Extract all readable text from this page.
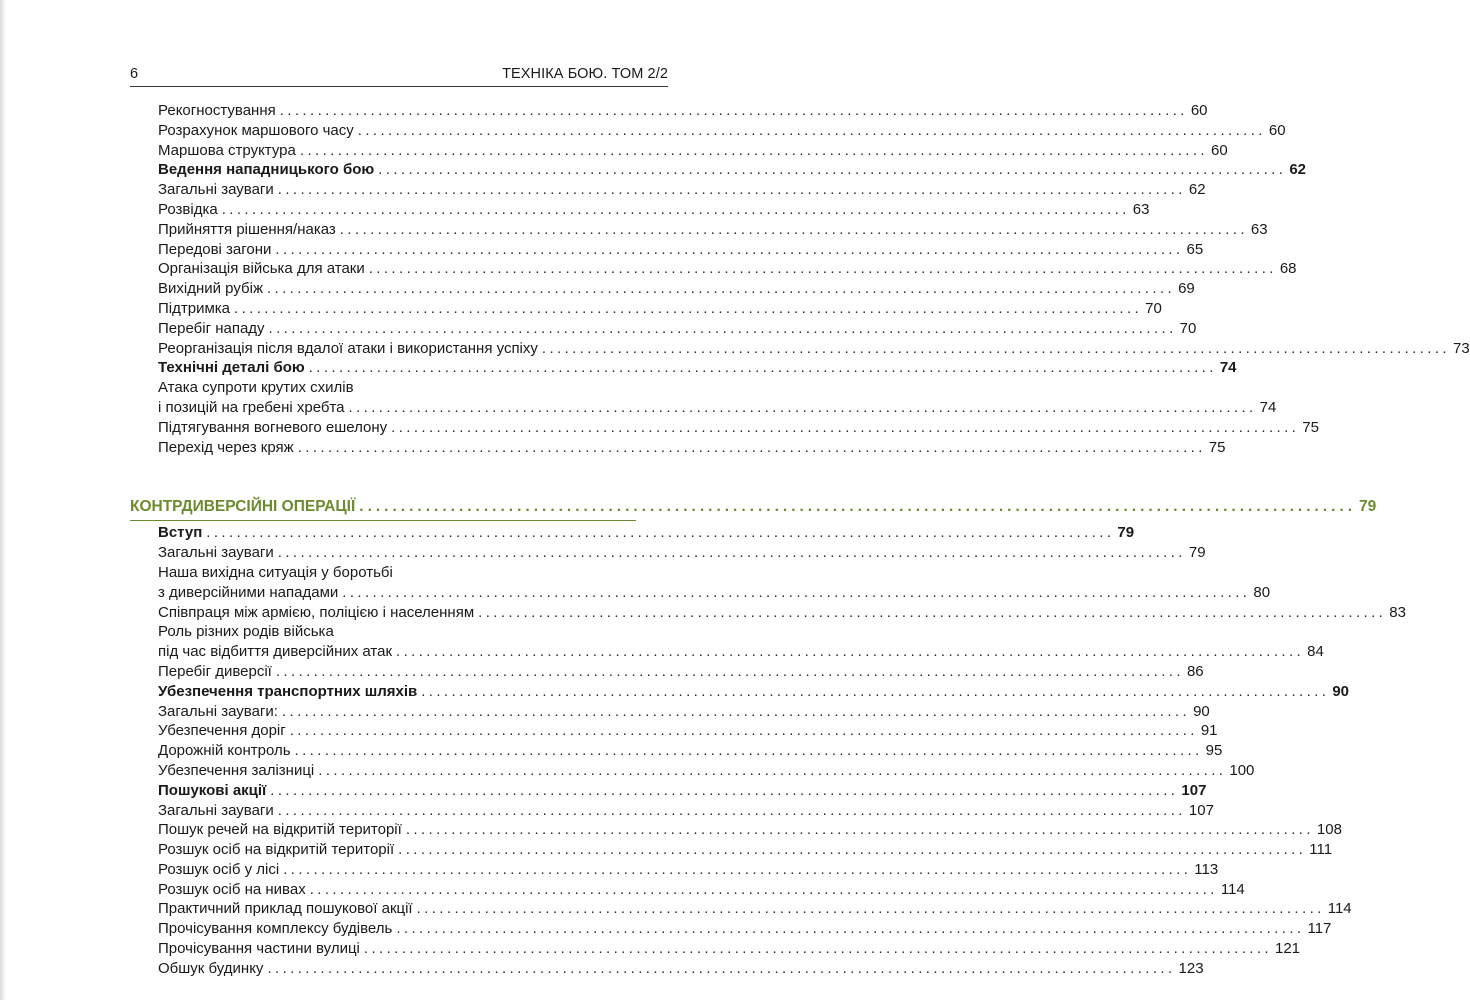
6	ТЕХНІКА БОЮ. ТОМ 2/2
Рекогностування ........................................................................................................................ 60
Розрахунок маршового часу ........................................................................................................................ 60
Маршова структура ........................................................................................................................ 60
Ведення нападницького бою ........................................................................................................................ 62
Загальні зауваги ........................................................................................................................ 62
Розвідка ........................................................................................................................ 63
Прийняття рішення/наказ ........................................................................................................................ 63
Передові загони ........................................................................................................................ 65
Організація війська для атаки ........................................................................................................................ 68
Вихідний рубіж ........................................................................................................................ 69
Підтримка ........................................................................................................................ 70
Перебіг нападу ........................................................................................................................ 70
Реорганізація після вдалої атаки і використання успіху ........................................................................................................................ 73
Технічні деталі бою ........................................................................................................................ 74
Атака супроти крутих схилів
і позицій на гребені хребта ........................................................................................................................ 74
Підтягування вогневого ешелону ........................................................................................................................ 75
Перехід через кряж ........................................................................................................................ 75
КОНТРДИВЕРСІЙНІ ОПЕРАЦІЇ ........................................................................................................................ 79
Вступ ........................................................................................................................ 79
Загальні зауваги ........................................................................................................................ 79
Наша вихідна ситуація у боротьбі
з диверсійними нападами ........................................................................................................................ 80
Співпраця між армією, поліцією і населенням ........................................................................................................................ 83
Роль різних родів війська
під час відбиття диверсійних атак ........................................................................................................................ 84
Перебіг диверсії ........................................................................................................................ 86
Убезпечення транспортних шляхів ........................................................................................................................ 90
Загальні зауваги: ........................................................................................................................ 90
Убезпечення доріг ........................................................................................................................ 91
Дорожній контроль ........................................................................................................................ 95
Убезпечення залізниці ........................................................................................................................ 100
Пошукові акції ........................................................................................................................ 107
Загальні зауваги ........................................................................................................................ 107
Пошук речей на відкритій території ........................................................................................................................ 108
Розшук осіб на відкритій території ........................................................................................................................ 111
Розшук осіб у лісі ........................................................................................................................ 113
Розшук осіб на нивах ........................................................................................................................ 114
Практичний приклад пошукової акції ........................................................................................................................ 114
Прочісування комплексу будівель ........................................................................................................................ 117
Прочісування частини вулиці ........................................................................................................................ 121
Обшук будинку ........................................................................................................................ 123
